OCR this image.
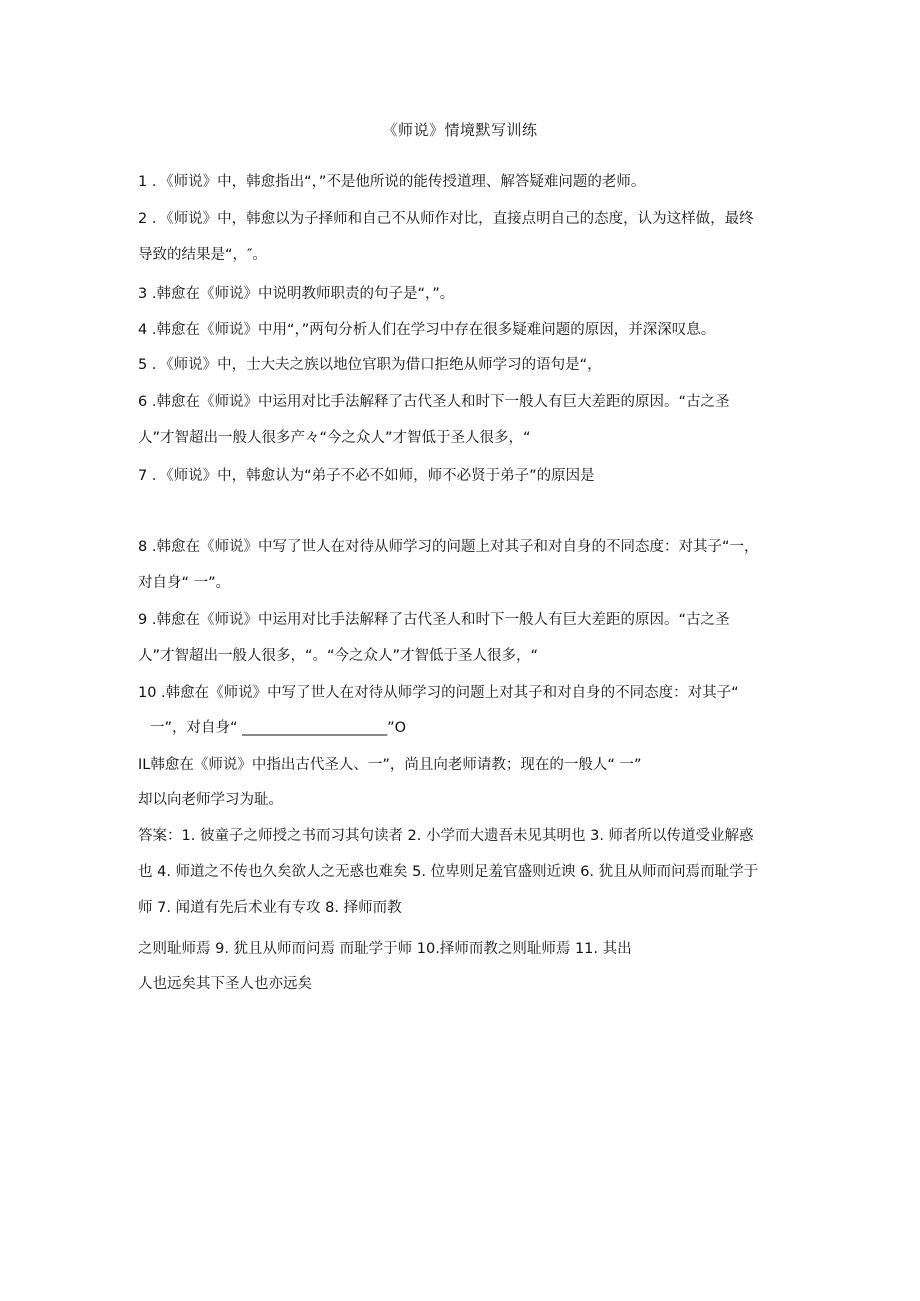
《师说》情境默写训练
1 ．《师说》中，韩愈指出“，”不是他所说的能传授道理、解答疑难问题的老师。
2 ．《师说》中，韩愈以为子择师和自己不从师作对比，直接点明自己的态度，认为这样做，最终
导致的结果是“，″。
3 .韩愈在《师说》中说明教师职责的句子是“，”。
4 .韩愈在《师说》中用“，”两句分析人们在学习中存在很多疑难问题的原因，并深深叹息。
5 ．《师说》中，士大夫之族以地位官职为借口拒绝从师学习的语句是“，
6 .韩愈在《师说》中运用对比手法解释了古代圣人和时下一般人有巨大差距的原因。“古之圣
人”才智超出一般人很多产々“今之众人”才智低于圣人很多，“
7 ．《师说》中，韩愈认为“弟子不必不如师，师不必贤于弟子”的原因是
8 .韩愈在《师说》中写了世人在对待从师学习的问题上对其子和对自身的不同态度：对其子“一，
对自身“ 一”。
9 .韩愈在《师说》中运用对比手法解释了古代圣人和时下一般人有巨大差距的原因。“古之圣
人”才智超出一般人很多，“。“今之众人”才智低于圣人很多，“
10 .韩愈在《师说》中写了世人在对待从师学习的问题上对其子和对自身的不同态度：对其子“
一”，对自身“ ____________________”O
IL韩愈在《师说》中指出古代圣人、一”，尚且向老师请教；现在的一般人“ 一”
却以向老师学习为耻。
答案：1. 彼童子之师授之书而习其句读者 2. 小学而大遗吾未见其明也 3. 师者所以传道受业解惑
也 4. 师道之不传也久矣欲人之无惑也难矣 5. 位卑则足羞官盛则近谀 6. 犹且从师而问焉而耻学于
师 7. 闻道有先后术业有专攻 8. 择师而教
之则耻师焉 9. 犹且从师而问焉 而耻学于师 10.择师而教之则耻师焉 11. 其出
人也远矣其下圣人也亦远矣
